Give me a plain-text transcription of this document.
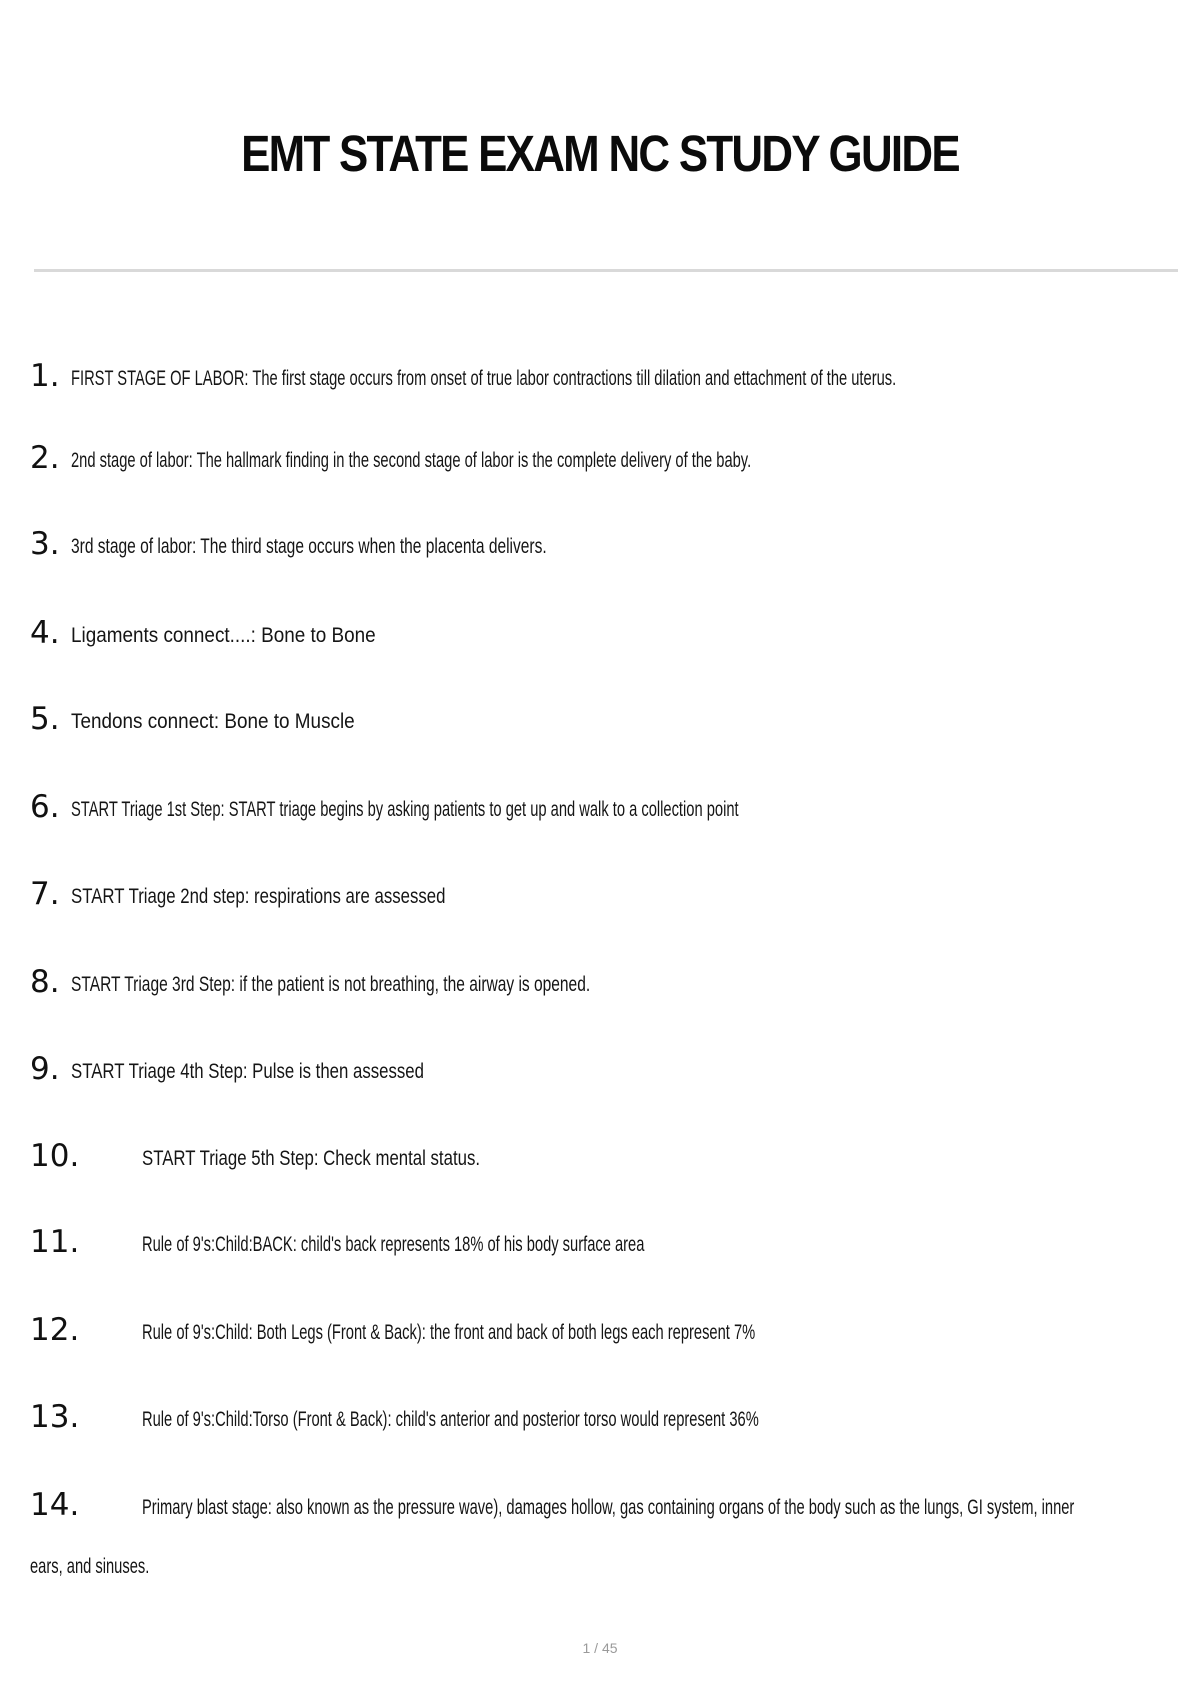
EMT STATE EXAM NC STUDY GUIDE
1. FIRST STAGE OF LABOR: The first stage occurs from onset of true labor contractions till dilation and ettachment of the uterus.
2. 2nd stage of labor: The hallmark finding in the second stage of labor is the complete delivery of the baby.
3. 3rd stage of labor: The third stage occurs when the placenta delivers.
4. Ligaments connect....: Bone to Bone
5. Tendons connect: Bone to Muscle
6. START Triage 1st Step: START triage begins by asking patients to get up and walk to a collection point
7. START Triage 2nd step: respirations are assessed
8. START Triage 3rd Step: if the patient is not breathing, the airway is opened.
9. START Triage 4th Step: Pulse is then assessed
10.	START Triage 5th Step: Check mental status.
11.	Rule of 9's:Child:BACK: child's back represents 18% of his body surface area
12.	Rule of 9's:Child: Both Legs (Front & Back): the front and back of both legs each represent 7%
13.	Rule of 9's:Child:Torso (Front & Back): child's anterior and posterior torso would represent 36%
14.	Primary blast stage: also known as the pressure wave), damages hollow, gas containing organs of the body such as the lungs, GI system, inner
ears, and sinuses.
1 / 45
